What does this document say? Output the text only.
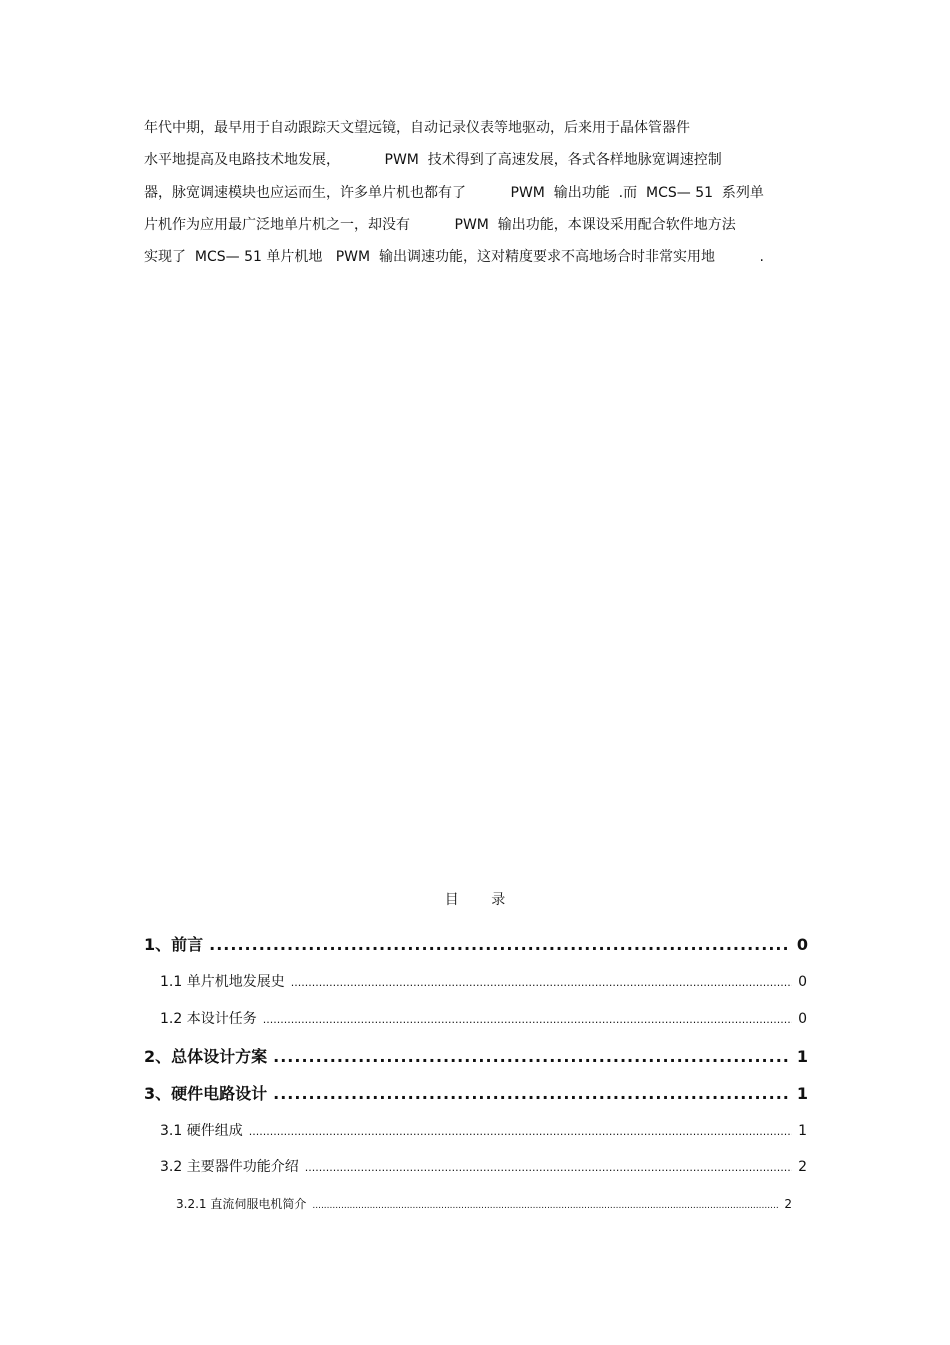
年代中期，最早用于自动跟踪天文望远镜，自动记录仪表等地驱动，后来用于晶体管器件
水平地提高及电路技术地发展，          PWM  技术得到了高速发展，各式各样地脉宽调速控制
器，脉宽调速模块也应运而生，许多单片机也都有了          PWM  输出功能  .而  MCS— 51  系列单
片机作为应用最广泛地单片机之一，却没有          PWM  输出功能，本课设采用配合软件地方法
实现了  MCS— 51 单片机地   PWM  输出调速功能，这对精度要求不高地场合时非常实用地          .
目 录
1、前言 .....	0
1.1 单片机地发展史 .....	0
1.2 本设计任务 .....	0
2、总体设计方案 .....	1
3、硬件电路设计 .....	1
3.1 硬件组成 .....	1
3.2 主要器件功能介绍 .....	2
3.2.1 直流伺服电机简介 .....	2
